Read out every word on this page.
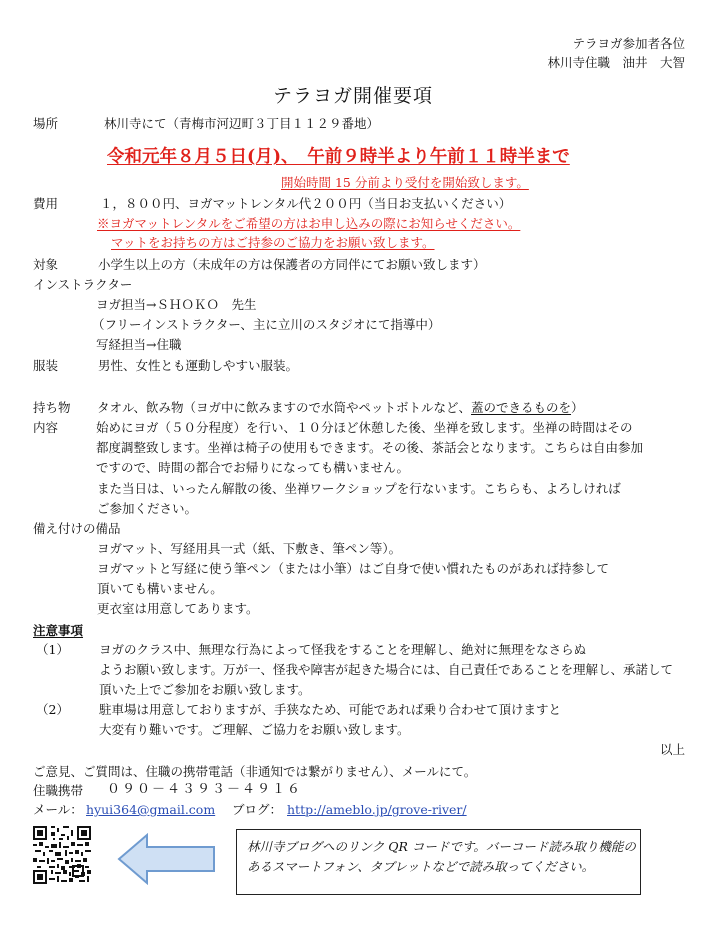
テラヨガ参加者各位
林川寺住職　油井　大智
テラヨガ開催要項
場所	林川寺にて（青梅市河辺町３丁目１１２９番地）
令和元年８月５日(月)、　午前９時半より午前１１時半まで
開始時間 15 分前より受付を開始致します。
費用	１，８００円、ヨガマットレンタル代２００円（当日お支払いください）
※ヨガマットレンタルをご希望の方はお申し込みの際にお知らせください。
マットをお持ちの方はご持参のご協力をお願い致します。
対象	小学生以上の方（未成年の方は保護者の方同伴にてお願い致します）
インストラクター
ヨガ担当→ＳＨＯＫＯ　先生
（フリーインストラクター、主に立川のスタジオにて指導中）
写経担当→住職
服装	男性、女性とも運動しやすい服装。
持ち物 タオル、飲み物（ヨガ中に飲みますので水筒やペットボトルなど、蓋のできるものを）
内容	始めにヨガ（５０分程度）を行い、１０分ほど休憩した後、坐禅を致します。坐禅の時間はその
都度調整致します。坐禅は椅子の使用もできます。その後、茶話会となります。こちらは自由参加
ですので、時間の都合でお帰りになっても構いません。
また当日は、いったん解散の後、坐禅ワークショップを行ないます。こちらも、よろしければ
ご参加ください。
備え付けの備品
ヨガマット、写経用具一式（紙、下敷き、筆ペン等）。
ヨガマットと写経に使う筆ペン（または小筆）はご自身で使い慣れたものがあれば持参して
頂いても構いません。
更衣室は用意してあります。
注意事項
（1） ヨガのクラス中、無理な行為によって怪我をすることを理解し、絶対に無理をなさらぬ
ようお願い致します。万が一、怪我や障害が起きた場合には、自己責任であることを理解し、承諾して
頂いた上でご参加をお願い致します。
（2） 駐車場は用意しておりますが、手狭なため、可能であれば乗り合わせて頂けますと
大変有り難いです。ご理解、ご協力をお願い致します。
以上
ご意見、ご質問は、住職の携帯電話（非通知では繋がりません）、メールにて。
住職携帯 ０９０－４３９３－４９１６
メール： hyui364@gmail.com ブログ： http://ameblo.jp/grove-river/
林川寺ブログへのリンク QR コードです。バーコード読み取り機能の
あるスマートフォン、タブレットなどで読み取ってください。
